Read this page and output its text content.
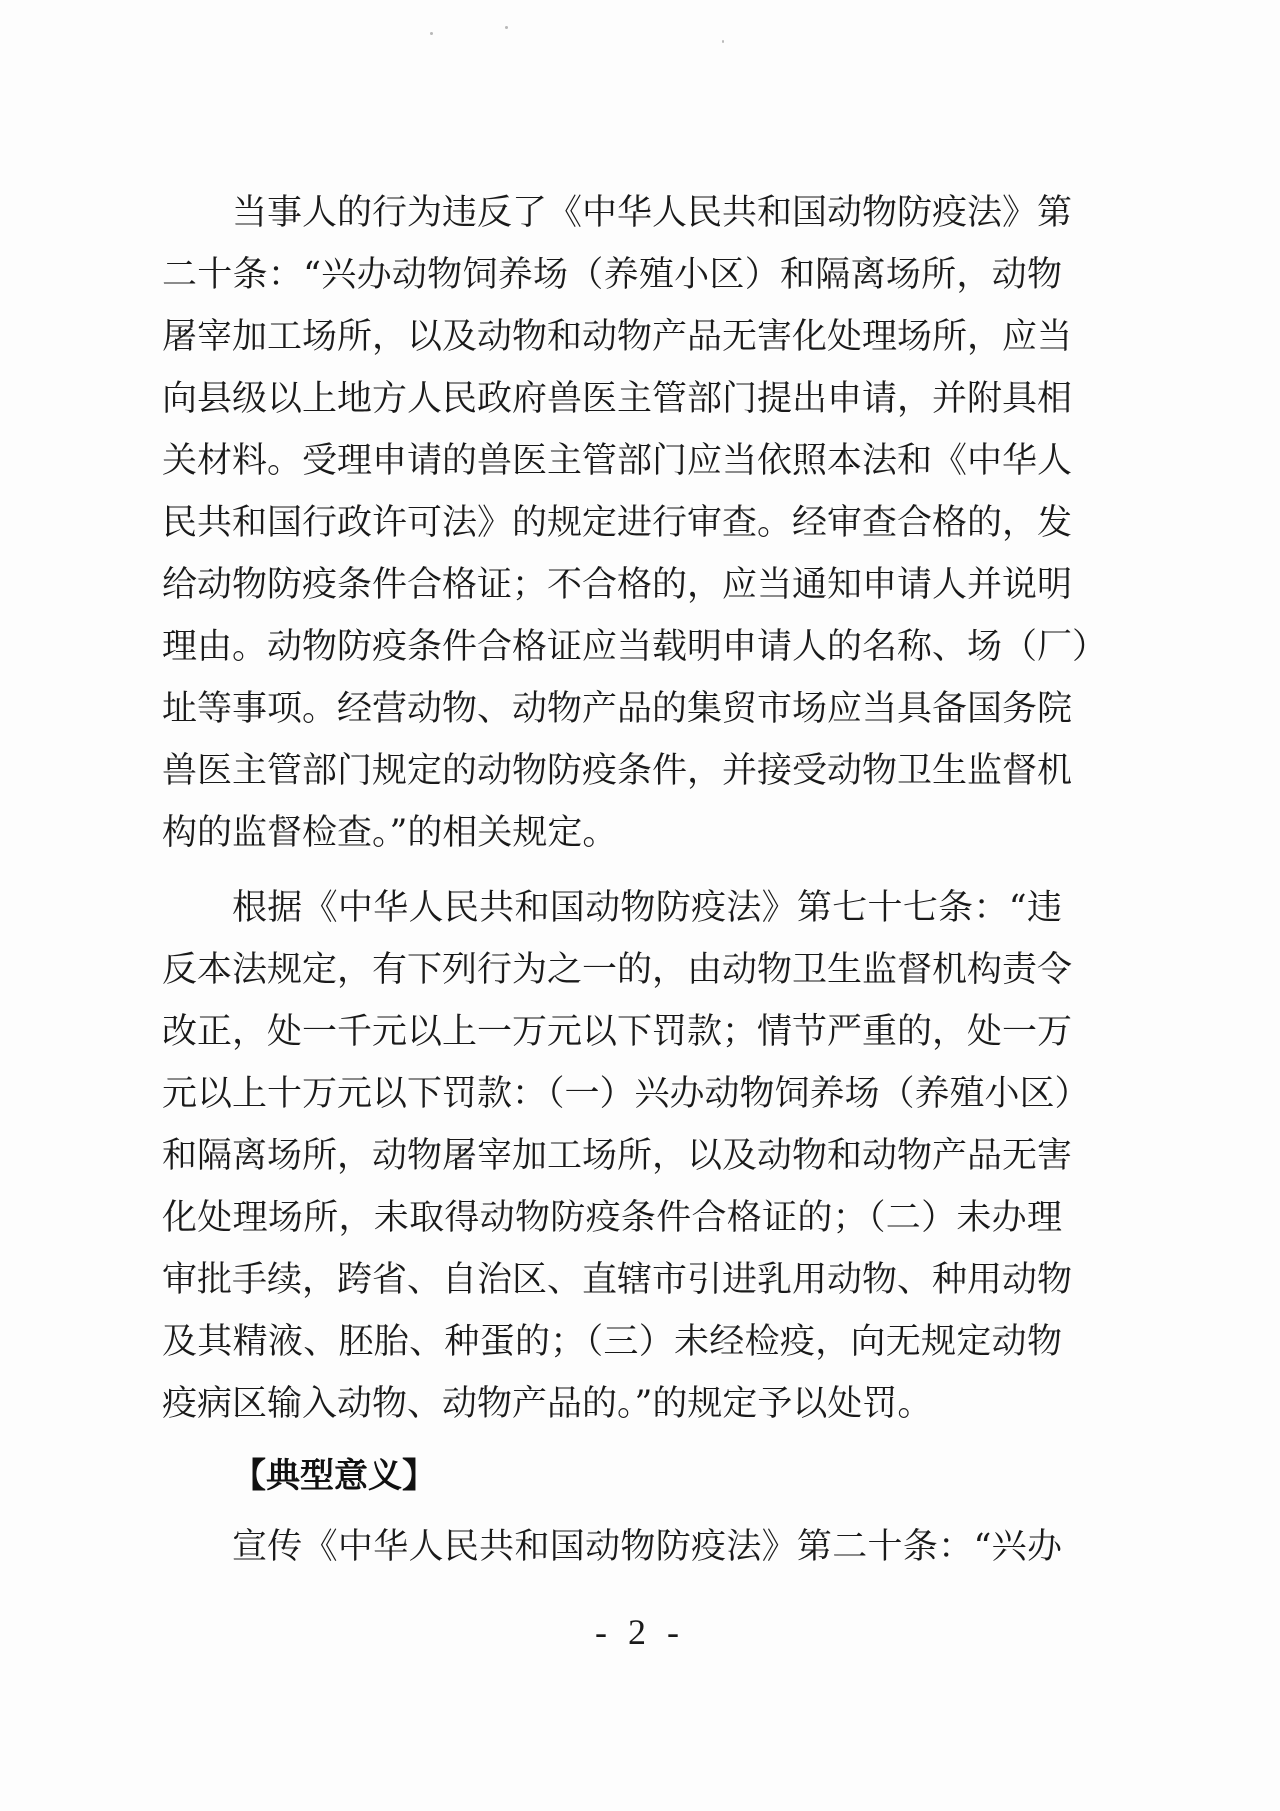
当事人的行为违反了《中华人民共和国动物防疫法》第

二十条：“兴办动物饲养场（养殖小区）和隔离场所，动物

屠宰加工场所，以及动物和动物产品无害化处理场所，应当

向县级以上地方人民政府兽医主管部门提出申请，并附具相

关材料。受理申请的兽医主管部门应当依照本法和《中华人

民共和国行政许可法》的规定进行审查。经审查合格的，发

给动物防疫条件合格证；不合格的，应当通知申请人并说明

理由。动物防疫条件合格证应当载明申请人的名称、场（厂）

址等事项。经营动物、动物产品的集贸市场应当具备国务院

兽医主管部门规定的动物防疫条件，并接受动物卫生监督机

构的监督检查。”的相关规定。

根据《中华人民共和国动物防疫法》第七十七条：“违

反本法规定，有下列行为之一的，由动物卫生监督机构责令

改正，处一千元以上一万元以下罚款；情节严重的，处一万

元以上十万元以下罚款：（一）兴办动物饲养场（养殖小区）

和隔离场所，动物屠宰加工场所，以及动物和动物产品无害

化处理场所，未取得动物防疫条件合格证的；（二）未办理

审批手续，跨省、自治区、直辖市引进乳用动物、种用动物

及其精液、胚胎、种蛋的；（三）未经检疫，向无规定动物

疫病区输入动物、动物产品的。”的规定予以处罚。

【典型意义】

宣传《中华人民共和国动物防疫法》第二十条：“兴办

- 2 -
